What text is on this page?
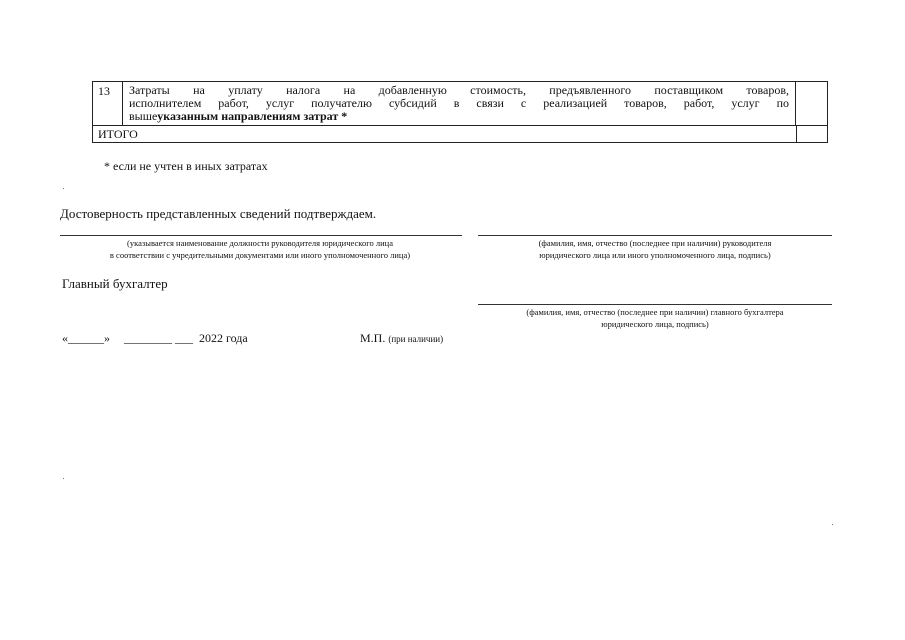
13	Затраты на уплату налога на добавленную стоимость, предъявленного поставщиком товаров,
исполнителем работ, услуг получателю субсидий в связи с реализацией товаров, работ, услуг по
вышеуказанным направлениям затрат *
ИТОГО
* если не учтен в иных затратах
Достоверность представленных сведений подтверждаем.
(указывается наименование должности руководителя юридического лица
в соответствии с учредительными документами или иного уполномоченного лица)
(фамилия, имя, отчество (последнее при наличии) руководителя
юридического лица или иного уполномоченного лица, подпись)
Главный бухгалтер
(фамилия, имя, отчество (последнее при наличии) главного бухгалтера
юридического лица, подпись)
«______» ________ ___ 2022 года	М.П. (при наличии)
